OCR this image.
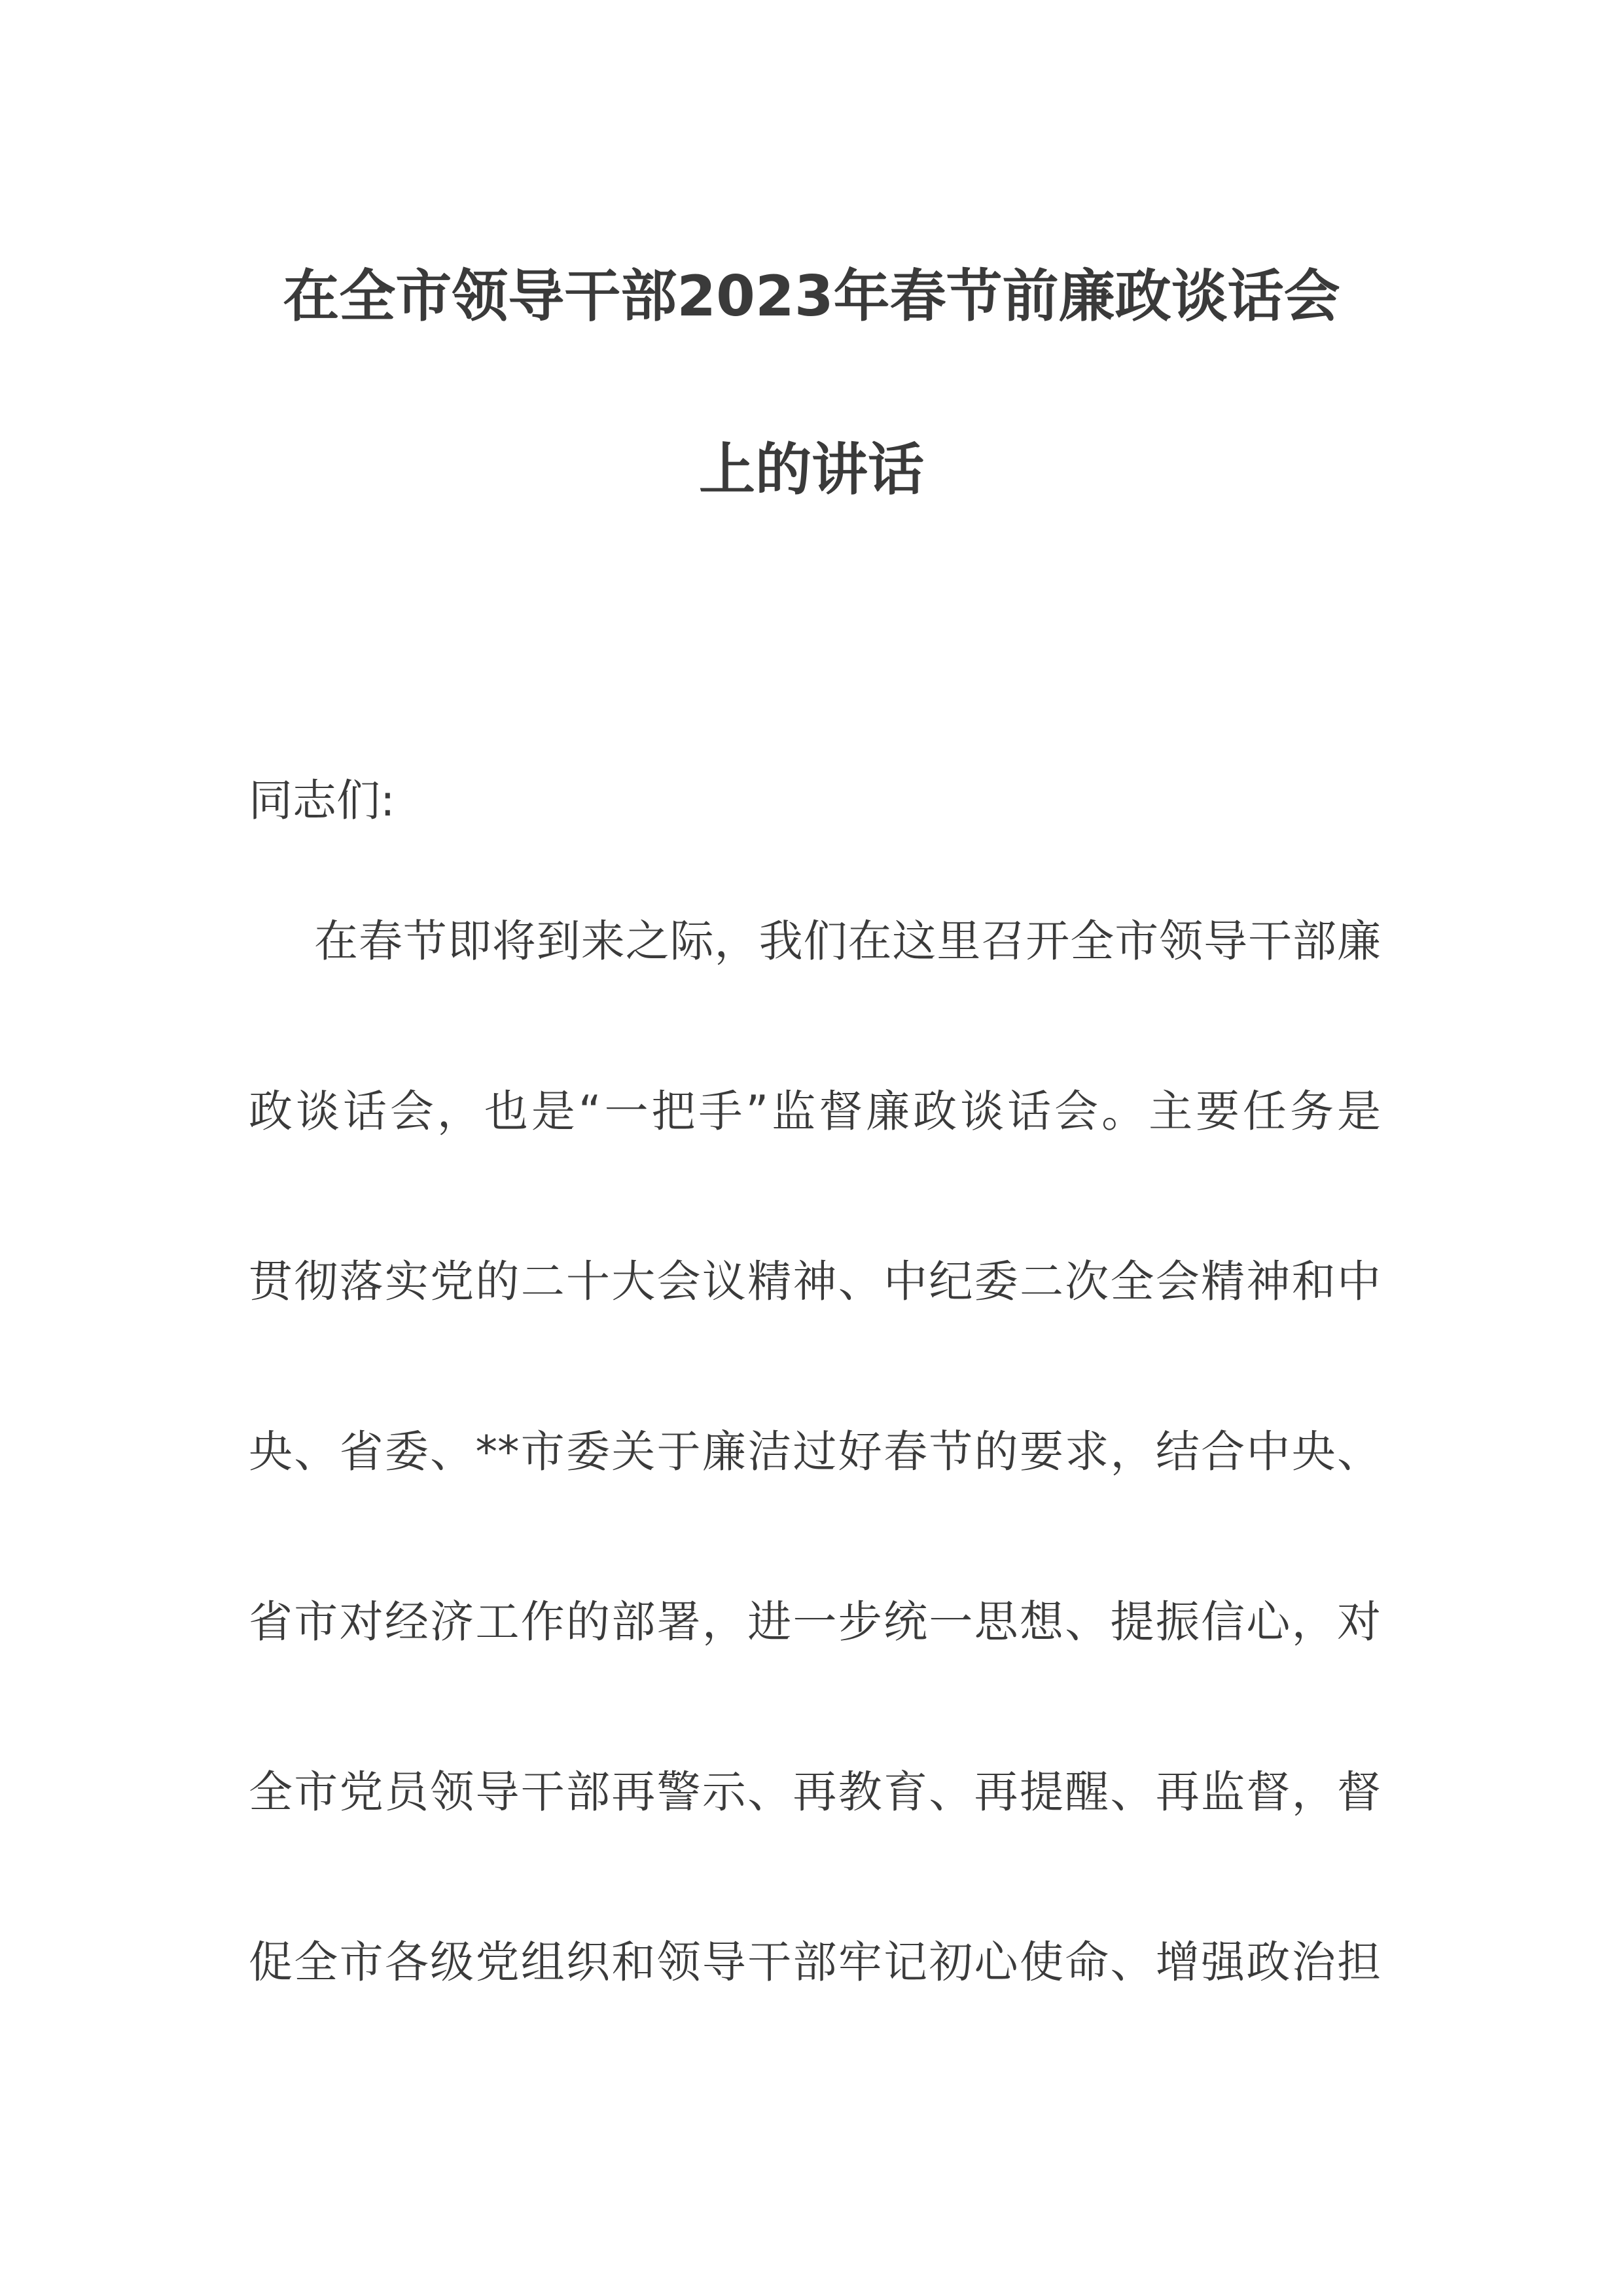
在全市领导干部2023年春节前廉政谈话会
上的讲话
同志们:
在春节即将到来之际，我们在这里召开全市领导干部廉
政谈话会，也是“一把手”监督廉政谈话会。主要任务是
贯彻落实党的二十大会议精神、中纪委二次全会精神和中
央、省委、**市委关于廉洁过好春节的要求，结合中央、
省市对经济工作的部署，进一步统一思想、提振信心，对
全市党员领导干部再警示、再教育、再提醒、再监督，督
促全市各级党组织和领导干部牢记初心使命、增强政治担
